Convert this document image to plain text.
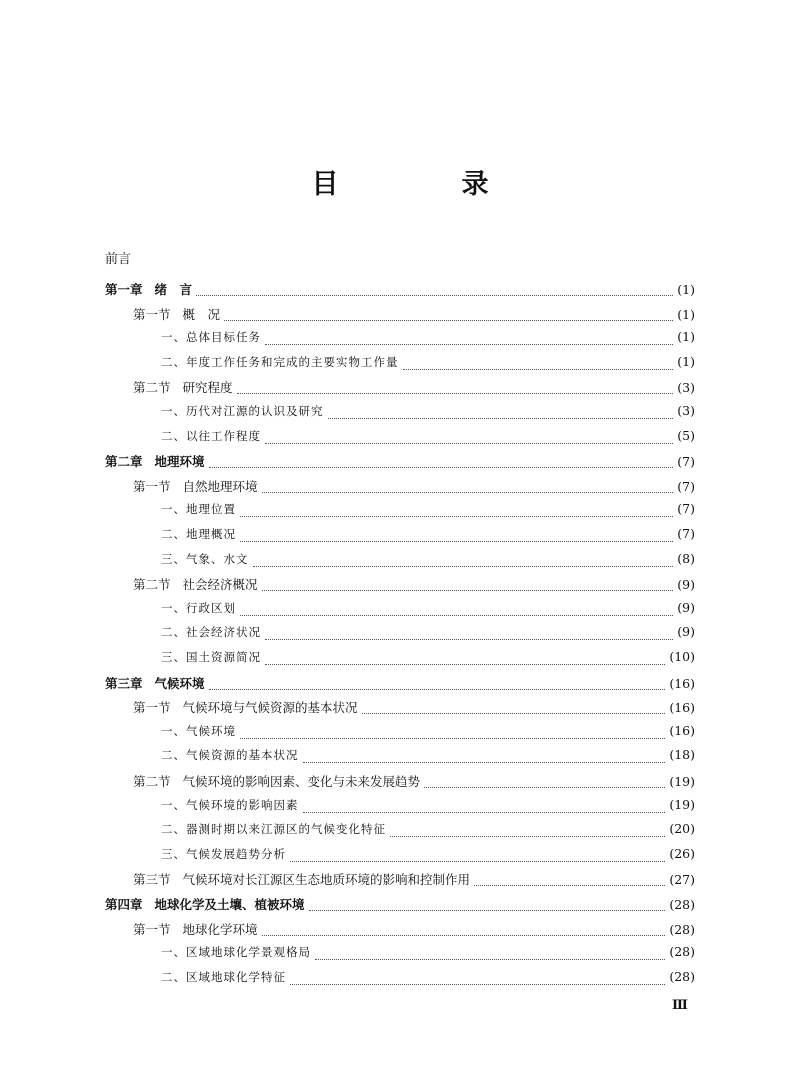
目　录
前言
第一章 绪　言	(1)
第一节 概　况	(1)
一、总体目标任务	(1)
二、年度工作任务和完成的主要实物工作量	(1)
第二节 研究程度	(3)
一、历代对江源的认识及研究	(3)
二、以往工作程度	(5)
第二章 地理环境	(7)
第一节 自然地理环境	(7)
一、地理位置	(7)
二、地理概况	(7)
三、气象、水文	(8)
第二节 社会经济概况	(9)
一、行政区划	(9)
二、社会经济状况	(9)
三、国土资源简况	(10)
第三章 气候环境	(16)
第一节 气候环境与气候资源的基本状况	(16)
一、气候环境	(16)
二、气候资源的基本状况	(18)
第二节 气候环境的影响因素、变化与未来发展趋势	(19)
一、气候环境的影响因素	(19)
二、器测时期以来江源区的气候变化特征	(20)
三、气候发展趋势分析	(26)
第三节 气候环境对长江源区生态地质环境的影响和控制作用	(27)
第四章 地球化学及土壤、植被环境	(28)
第一节 地球化学环境	(28)
一、区域地球化学景观格局	(28)
二、区域地球化学特征	(28)
Ⅲ
